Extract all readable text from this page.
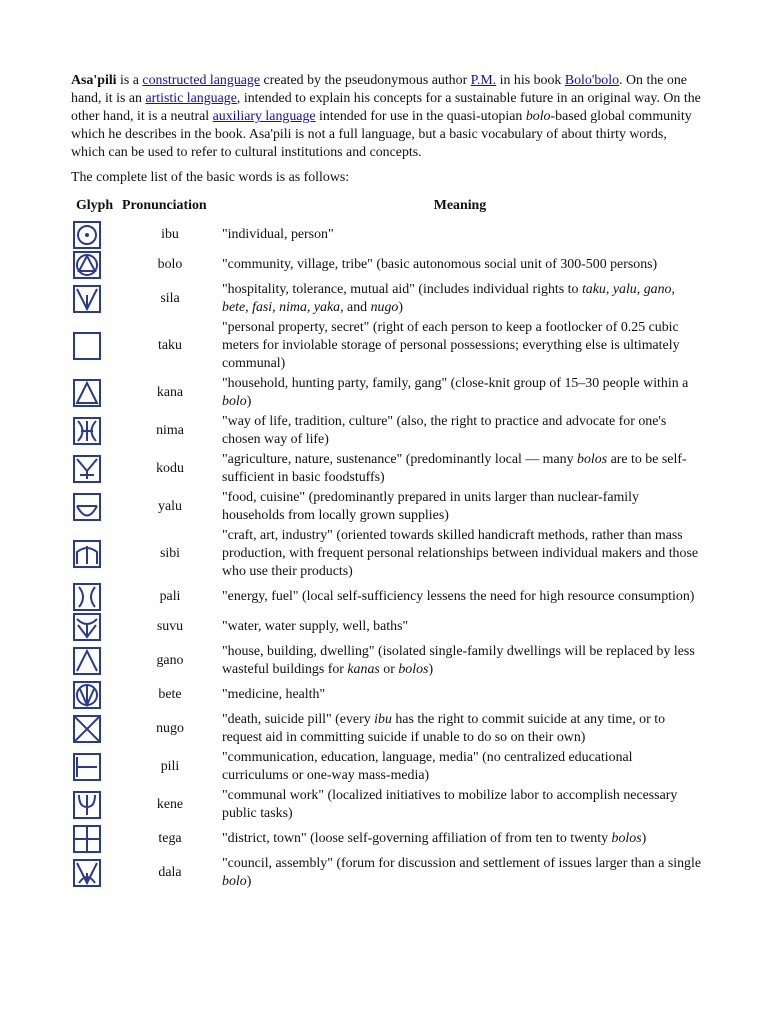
Asa'pili is a constructed language created by the pseudonymous author P.M. in his book Bolo'bolo. On the one hand, it is an artistic language, intended to explain his concepts for a sustainable future in an original way. On the other hand, it is a neutral auxiliary language intended for use in the quasi-utopian bolo-based global community which he describes in the book. Asa'pili is not a full language, but a basic vocabulary of about thirty words, which can be used to refer to cultural institutions and concepts.

The complete list of the basic words is as follows:

Glyph	Pronunciation	Meaning

	ibu	"individual, person"

	bolo	"community, village, tribe" (basic autonomous social unit of 300-500 persons)

	sila	"hospitality, tolerance, mutual aid" (includes individual rights to taku, yalu, gano, bete, fasi, nima, yaka, and nugo)

	taku	"personal property, secret" (right of each person to keep a footlocker of 0.25 cubic meters for inviolable storage of personal possessions; everything else is ultimately communal)

	kana	"household, hunting party, family, gang" (close-knit group of 15–30 people within a bolo)

	nima	"way of life, tradition, culture" (also, the right to practice and advocate for one's chosen way of life)

	kodu	"agriculture, nature, sustenance" (predominantly local — many bolos are to be self-sufficient in basic foodstuffs)

	yalu	"food, cuisine" (predominantly prepared in units larger than nuclear-family households from locally grown supplies)

	sibi	"craft, art, industry" (oriented towards skilled handicraft methods, rather than mass production, with frequent personal relationships between individual makers and those who use their products)

	pali	"energy, fuel" (local self-sufficiency lessens the need for high resource consumption)

	suvu	"water, water supply, well, baths"

	gano	"house, building, dwelling" (isolated single-family dwellings will be replaced by less wasteful buildings for kanas or bolos)

	bete	"medicine, health"

	nugo	"death, suicide pill" (every ibu has the right to commit suicide at any time, or to request aid in committing suicide if unable to do so on their own)

	pili	"communication, education, language, media" (no centralized educational curriculums or one-way mass-media)

	kene	"communal work" (localized initiatives to mobilize labor to accomplish necessary public tasks)

	tega	"district, town" (loose self-governing affiliation of from ten to twenty bolos)

	dala	"council, assembly" (forum for discussion and settlement of issues larger than a single bolo)
